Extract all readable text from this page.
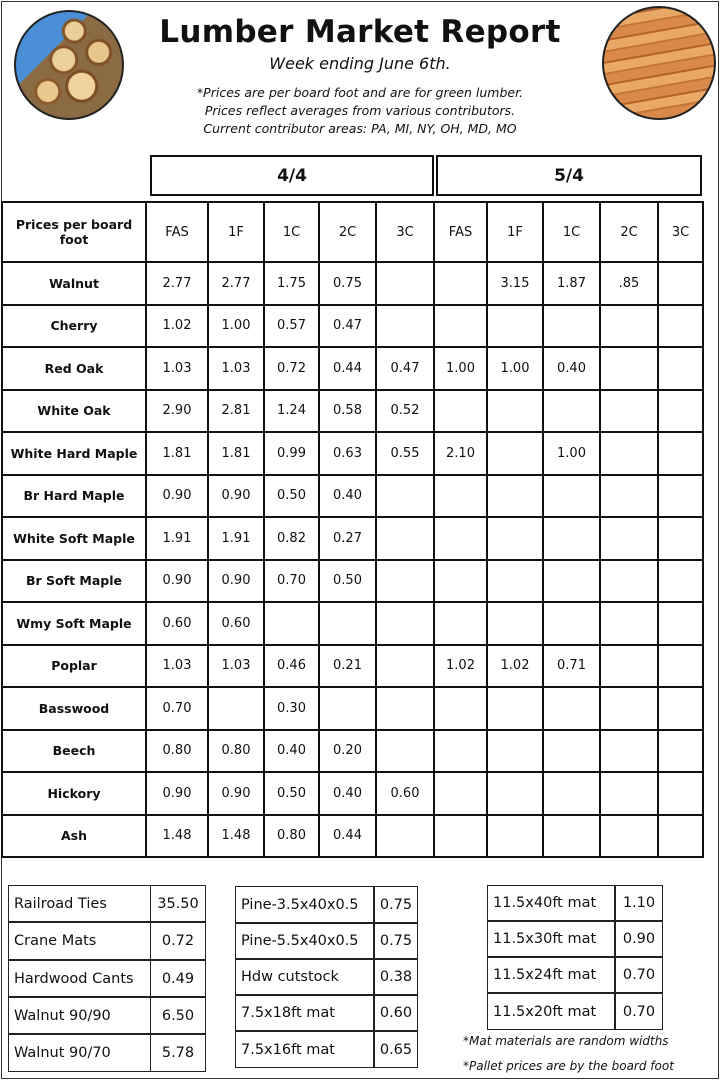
Lumber Market Report
Week ending June 6th.
*Prices are per board foot and are for green lumber.
Prices reflect averages from various contributors.
Current contributor areas: PA, MI, NY, OH, MD, MO
4/4	5/4
Prices per board foot	FAS	1F	1C	2C	3C	FAS	1F	1C	2C	3C
Walnut	2.77	2.77	1.75	0.75			3.15	1.87	.85	
Cherry	1.02	1.00	0.57	0.47						
Red Oak	1.03	1.03	0.72	0.44	0.47	1.00	1.00	0.40		
White Oak	2.90	2.81	1.24	0.58	0.52					
White Hard Maple	1.81	1.81	0.99	0.63	0.55	2.10		1.00		
Br Hard Maple	0.90	0.90	0.50	0.40						
White Soft Maple	1.91	1.91	0.82	0.27						
Br Soft Maple	0.90	0.90	0.70	0.50						
Wmy Soft Maple	0.60	0.60								
Poplar	1.03	1.03	0.46	0.21		1.02	1.02	0.71		
Basswood	0.70		0.30							
Beech	0.80	0.80	0.40	0.20						
Hickory	0.90	0.90	0.50	0.40	0.60					
Ash	1.48	1.48	0.80	0.44						
Railroad Ties	35.50
Crane Mats	0.72
Hardwood Cants	0.49
Walnut 90/90	6.50
Walnut 90/70	5.78
Pine-3.5x40x0.5	0.75
Pine-5.5x40x0.5	0.75
Hdw cutstock	0.38
7.5x18ft mat	0.60
7.5x16ft mat	0.65
11.5x40ft mat	1.10
11.5x30ft mat	0.90
11.5x24ft mat	0.70
11.5x20ft mat	0.70
*Mat materials are random widths
*Pallet prices are by the board foot
